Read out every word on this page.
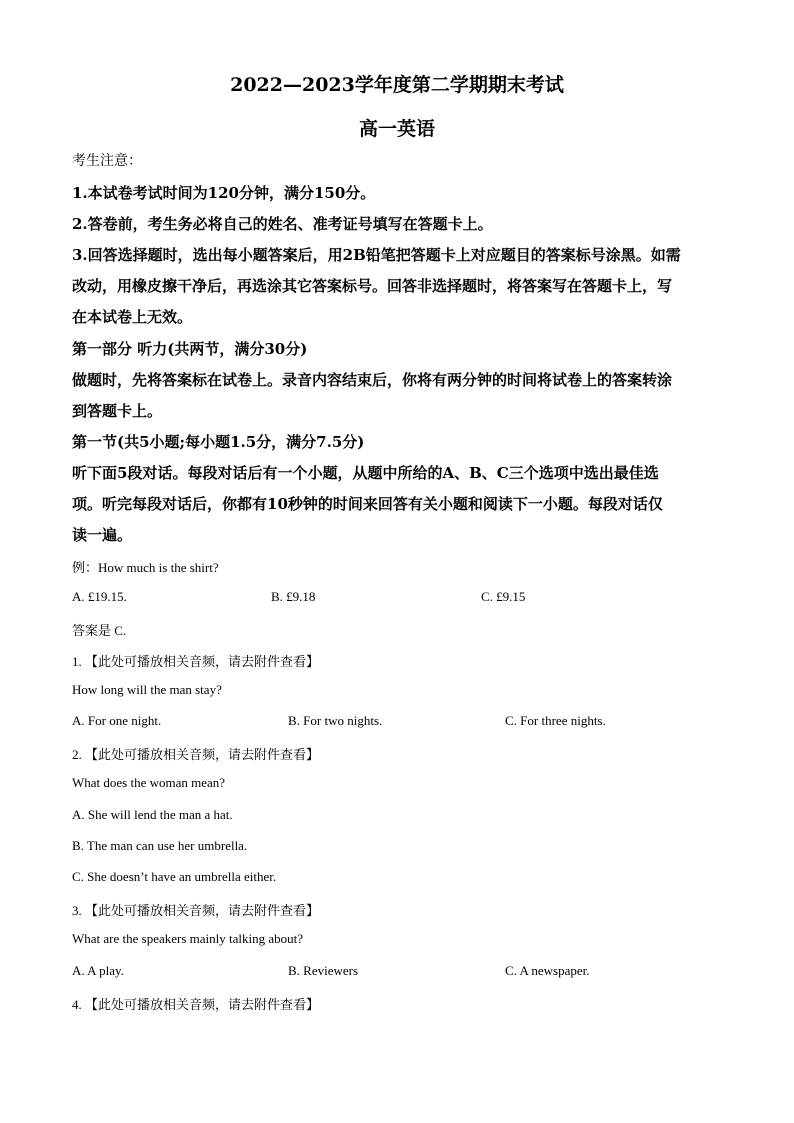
2022—2023学年度第二学期期末考试
高一英语
考生注意：
1.本试卷考试时间为120分钟，满分150分。
2.答卷前，考生务必将自己的姓名、准考证号填写在答题卡上。
3.回答选择题时，选出每小题答案后，用2B铅笔把答题卡上对应题目的答案标号涂黑。如需
改动，用橡皮擦干净后，再选涂其它答案标号。回答非选择题时，将答案写在答题卡上，写
在本试卷上无效。
第一部分 听力(共两节，满分30分)
做题时，先将答案标在试卷上。录音内容结束后，你将有两分钟的时间将试卷上的答案转涂
到答题卡上。
第一节(共5小题;每小题1.5分，满分7.5分)
听下面5段对话。每段对话后有一个小题，从题中所给的A、B、C三个选项中选出最佳选
项。听完每段对话后，你都有10秒钟的时间来回答有关小题和阅读下一小题。每段对话仅
读一遍。
例：How much is the shirt?
A. £19.15.	B. £9.18	C. £9.15
答案是 C.
1. 【此处可播放相关音频，请去附件查看】
How long will the man stay?
A. For one night.	B. For two nights.	C. For three nights.
2. 【此处可播放相关音频，请去附件查看】
What does the woman mean?
A. She will lend the man a hat.
B. The man can use her umbrella.
C. She doesn’t have an umbrella either.
3. 【此处可播放相关音频，请去附件查看】
What are the speakers mainly talking about?
A. A play.	B. Reviewers	C. A newspaper.
4. 【此处可播放相关音频，请去附件查看】
